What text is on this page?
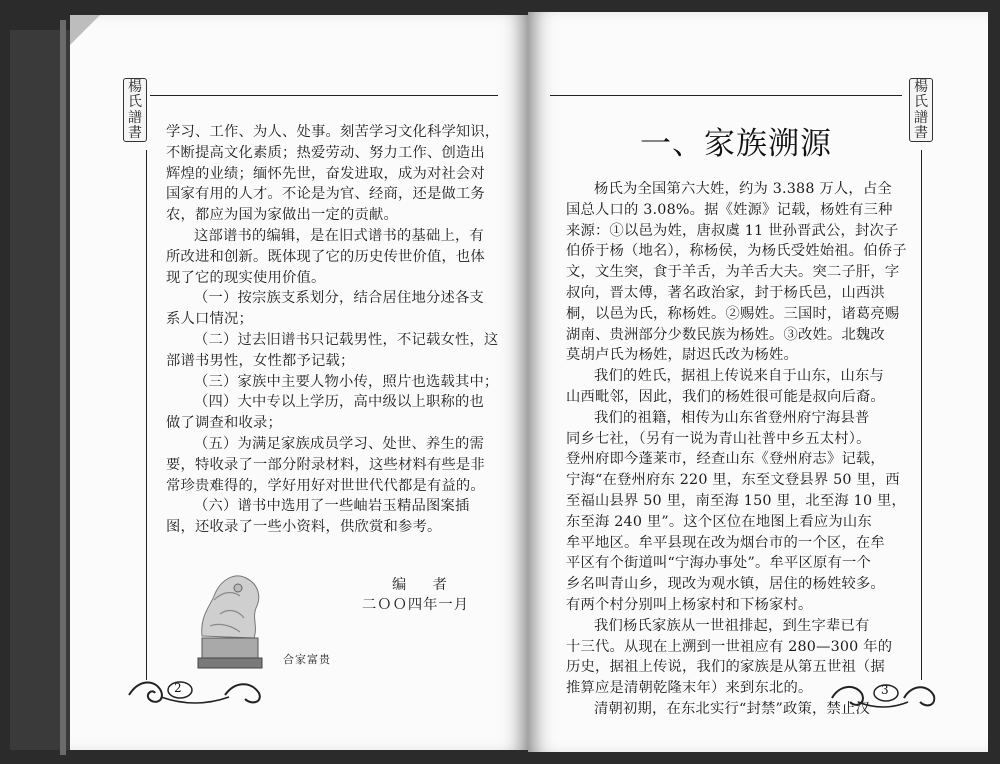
楊
氏
譜
書
楊
氏
譜
書

学习、工作、为人、处事。刻苦学习文化科学知识，

不断提高文化素质；热爱劳动、努力工作、创造出

辉煌的业绩；缅怀先世，奋发进取，成为对社会对

国家有用的人才。不论是为官、经商，还是做工务

农，都应为国为家做出一定的贡献。

这部谱书的编辑，是在旧式谱书的基础上，有

所改进和创新。既体现了它的历史传世价值，也体

现了它的现实使用价值。

（一）按宗族支系划分，结合居住地分述各支

系人口情况；

（二）过去旧谱书只记载男性，不记载女性，这

部谱书男性，女性都予记载；

（三）家族中主要人物小传，照片也选载其中；

（四）大中专以上学历，高中级以上职称的也

做了调查和收录；

（五）为满足家族成员学习、处世、养生的需

要，特收录了一部分附录材料，这些材料有些是非

常珍贵难得的，学好用好对世世代代都是有益的。

（六）谱书中选用了一些岫岩玉精品图案插

图，还收录了一些小资料，供欣赏和参考。

编　者
二ＯＯ四年一月
合家富贵
2
一、家族溯源

杨氏为全国第六大姓，约为 3.388 万人，占全

国总人口的 3.08%。据《姓源》记载，杨姓有三种

来源：①以邑为姓，唐叔虞 11 世孙晋武公，封次子

伯侨于杨（地名），称杨侯，为杨氏受姓始祖。伯侨子

文，文生突，食于羊舌，为羊舌大夫。突二子肝，字

叔向，晋太傅，著名政治家，封于杨氏邑，山西洪

桐，以邑为氏，称杨姓。②赐姓。三国时，诸葛亮赐

湖南、贵洲部分少数民族为杨姓。③改姓。北魏改

莫胡卢氏为杨姓，尉迟氏改为杨姓。

我们的姓氏，据祖上传说来自于山东，山东与

山西毗邻，因此，我们的杨姓很可能是叔向后裔。

我们的祖籍，相传为山东省登州府宁海县普

同乡七社，（另有一说为青山社普中乡五太村）。

登州府即今蓬莱市，经查山东《登州府志》记载，

宁海“在登州府东 220 里，东至文登县界 50 里，西

至福山县界 50 里，南至海 150 里，北至海 10 里，

东至海 240 里”。这个区位在地图上看应为山东

牟平地区。牟平县现在改为烟台市的一个区，在牟

平区有个街道叫“宁海办事处”。牟平区原有一个

乡名叫青山乡，现改为观水镇，居住的杨姓较多。

有两个村分别叫上杨家村和下杨家村。

我们杨氏家族从一世祖排起，到生字辈已有

十三代。从现在上溯到一世祖应有 280—300 年的

历史，据祖上传说，我们的家族是从第五世祖（据

推算应是清朝乾隆末年）来到东北的。

清朝初期，在东北实行“封禁”政策，禁止汉

3
